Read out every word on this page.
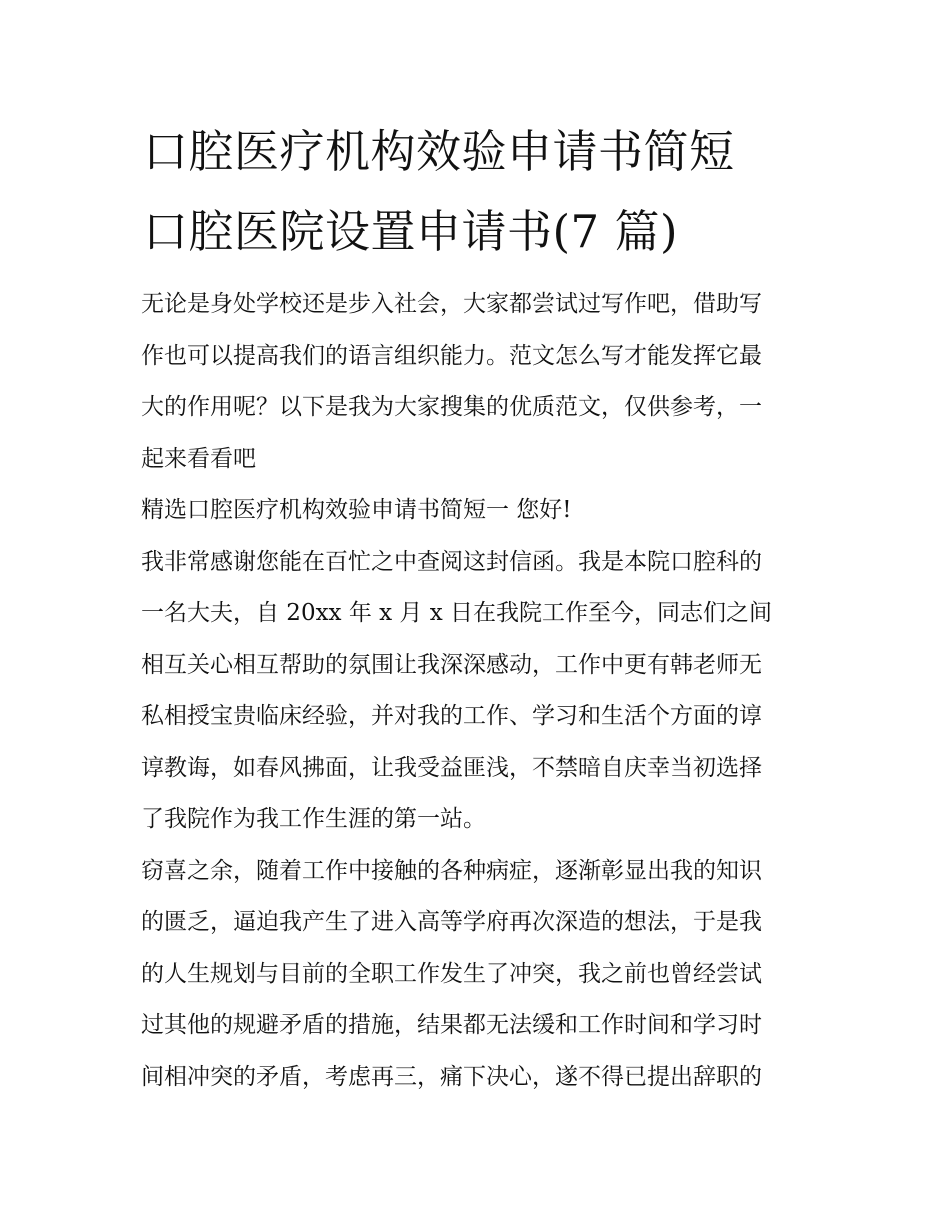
口腔医疗机构效验申请书简短
口腔医院设置申请书(7 篇)
无论是身处学校还是步入社会，大家都尝试过写作吧，借助写
作也可以提高我们的语言组织能力。范文怎么写才能发挥它最
大的作用呢？以下是我为大家搜集的优质范文，仅供参考，一
起来看看吧
精选口腔医疗机构效验申请书简短一 您好!
我非常感谢您能在百忙之中查阅这封信函。我是本院口腔科的
一名大夫，自 20xx 年 x 月 x 日在我院工作至今，同志们之间
相互关心相互帮助的氛围让我深深感动，工作中更有韩老师无
私相授宝贵临床经验，并对我的工作、学习和生活个方面的谆
谆教诲，如春风拂面，让我受益匪浅，不禁暗自庆幸当初选择
了我院作为我工作生涯的第一站。
窃喜之余，随着工作中接触的各种病症，逐渐彰显出我的知识
的匮乏，逼迫我产生了进入高等学府再次深造的想法，于是我
的人生规划与目前的全职工作发生了冲突，我之前也曾经尝试
过其他的规避矛盾的措施，结果都无法缓和工作时间和学习时
间相冲突的矛盾，考虑再三，痛下决心，遂不得已提出辞职的
